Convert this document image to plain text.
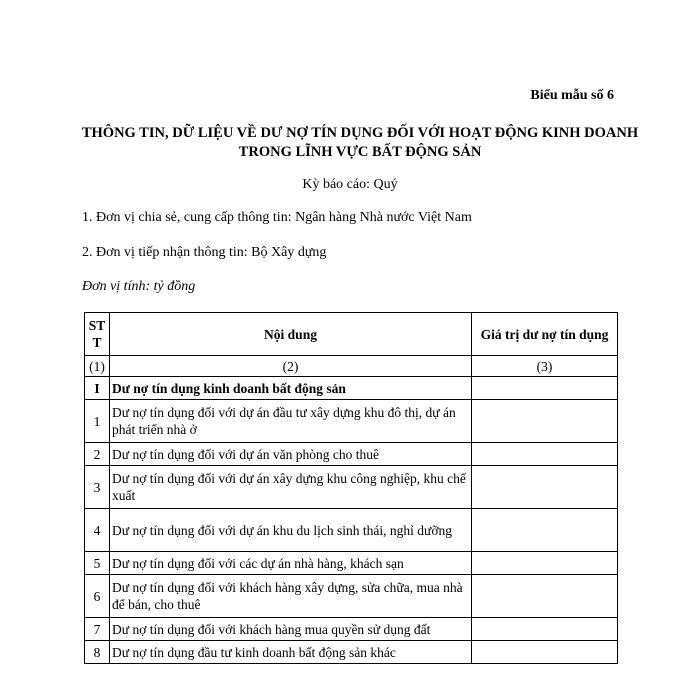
Biểu mẫu số 6
THÔNG TIN, DỮ LIỆU VỀ DƯ NỢ TÍN DỤNG ĐỐI VỚI HOẠT ĐỘNG KINH DOANH TRONG LĨNH VỰC BẤT ĐỘNG SẢN
Kỳ báo cáo: Quý
1. Đơn vị chia sẻ, cung cấp thông tin: Ngân hàng Nhà nước Việt Nam
2. Đơn vị tiếp nhận thông tin: Bộ Xây dựng
Đơn vị tính: tỷ đồng
ST
T	Nội dung	Giá trị dư nợ tín dụng
(1)	(2)	(3)
I	Dư nợ tín dụng kinh doanh bất động sản	
1	Dư nợ tín dụng đối với dự án đầu tư xây dựng khu đô thị, dự án phát triển nhà ở	
2	Dư nợ tín dụng đối với dự án văn phòng cho thuê	
3	Dư nợ tín dụng đối với dự án xây dựng khu công nghiệp, khu chế xuất	
4	Dư nợ tín dụng đối với dự án khu du lịch sinh thái, nghỉ dưỡng	
5	Dư nợ tín dụng đối với các dự án nhà hàng, khách sạn	
6	Dư nợ tín dụng đối với khách hàng xây dựng, sửa chữa, mua nhà để bán, cho thuê	
7	Dư nợ tín dụng đối với khách hàng mua quyền sử dụng đất	
8	Dư nợ tín dụng đầu tư kinh doanh bất động sản khác	
